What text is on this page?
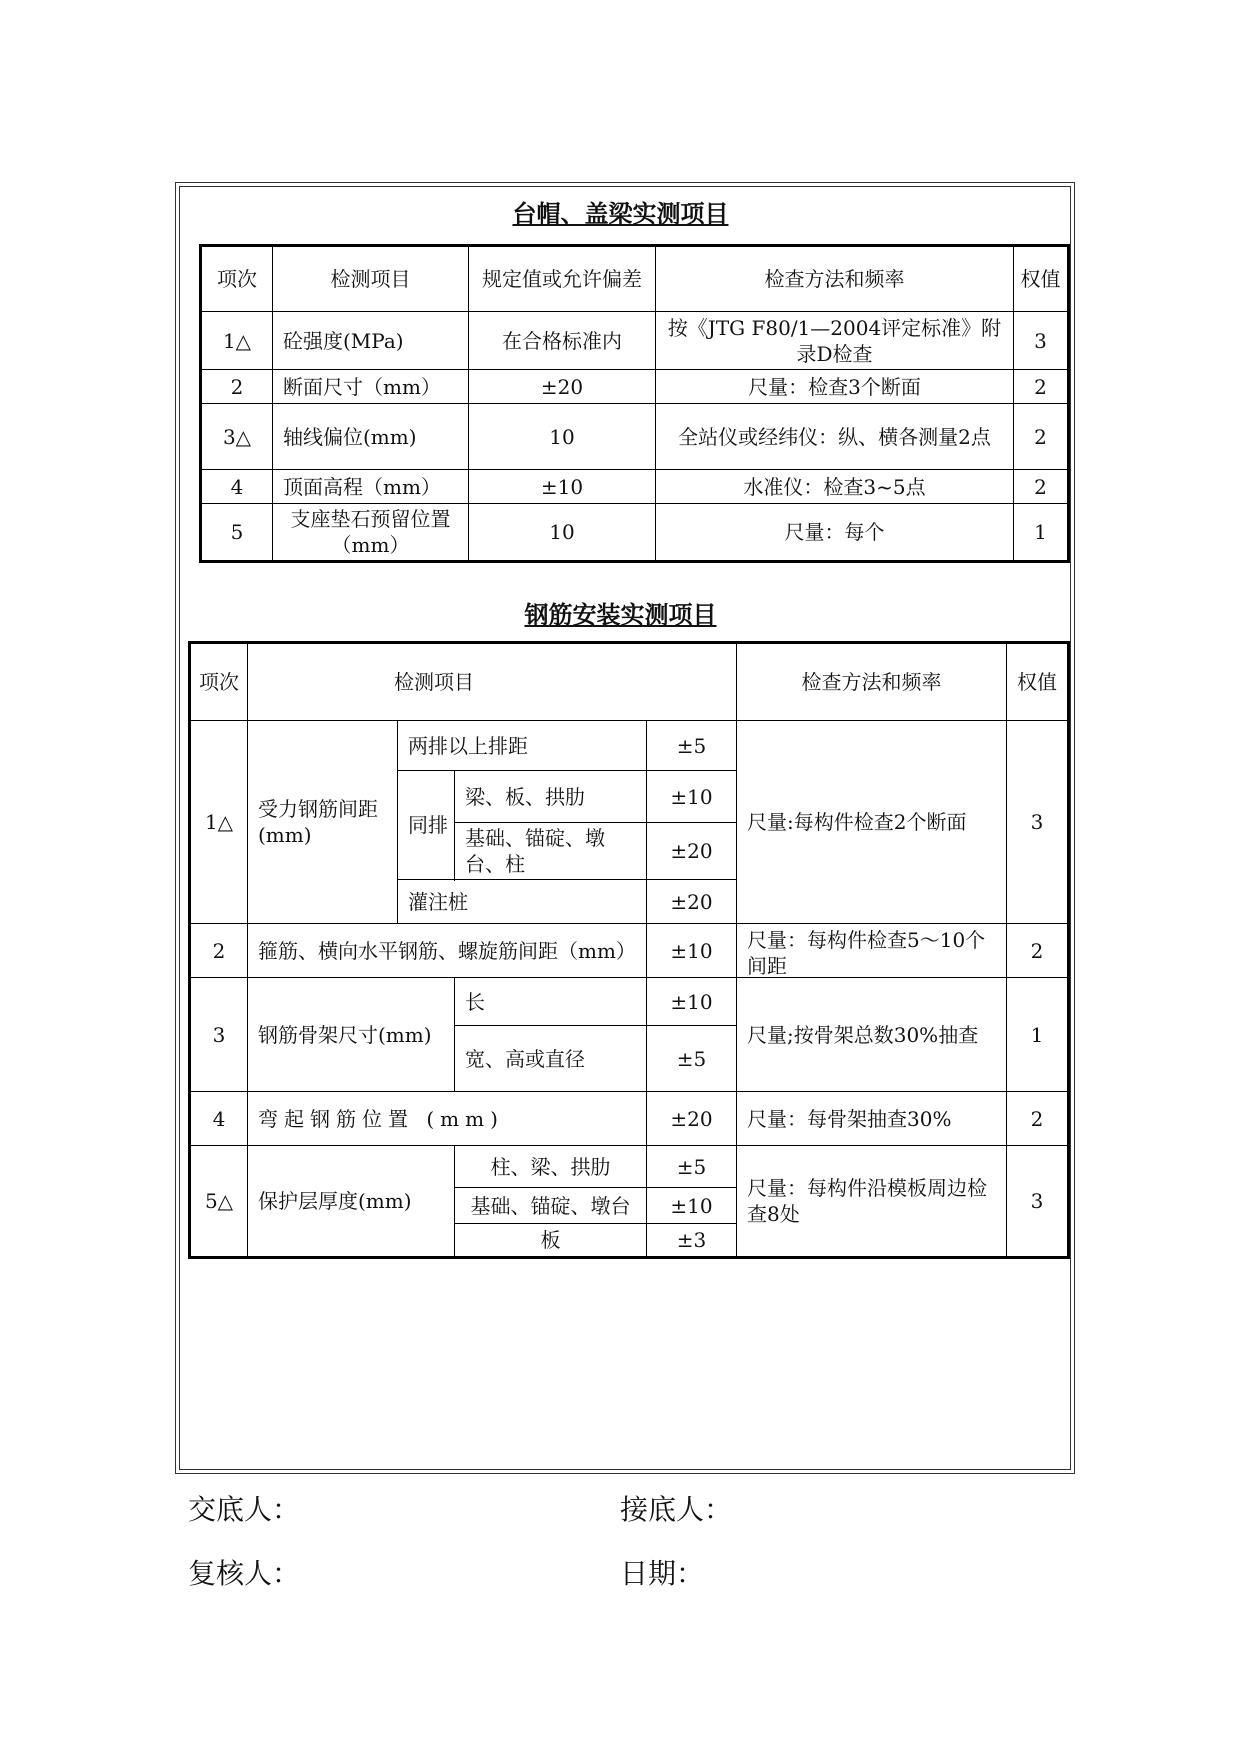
台帽、盖梁实测项目
项次	检测项目	规定值或允许偏差	检查方法和频率	权值
1△	砼强度(MPa)	在合格标准内	按《JTG F80/1—2004评定标准》附录D检查	3
2	断面尺寸（mm）	±20	尺量：检查3个断面	2
3△	轴线偏位(mm)	10	全站仪或经纬仪：纵、横各测量2点	2
4	顶面高程（mm）	±10	水准仪：检查3~5点	2
5	支座垫石预留位置（mm）	10	尺量：每个	1
钢筋安装实测项目
项次	检测项目				检查方法和频率	权值
1△	受力钢筋间距(mm)	两排以上排距		±5	尺量:每构件检查2个断面	3
		同排	梁、板、拱肋	±10		
			基础、锚碇、墩台、柱	±20		

		灌注桩		±20		
2	箍筋、横向水平钢筋、螺旋筋间距（mm）			±10	尺量：每构件检查5～10个间距	2
3	钢筋骨架尺寸(mm)		长	±10	尺量;按骨架总数30%抽查	1
			宽、高或直径	±5		
4	弯起钢筋位置 (mm)			±20	尺量：每骨架抽查30%	2
5△	保护层厚度(mm)		柱、梁、拱肋	±5	尺量：每构件沿模板周边检查8处	3
			基础、锚碇、墩台	±10		
			板	±3		
交底人：	接底人：
复核人：	日期：
